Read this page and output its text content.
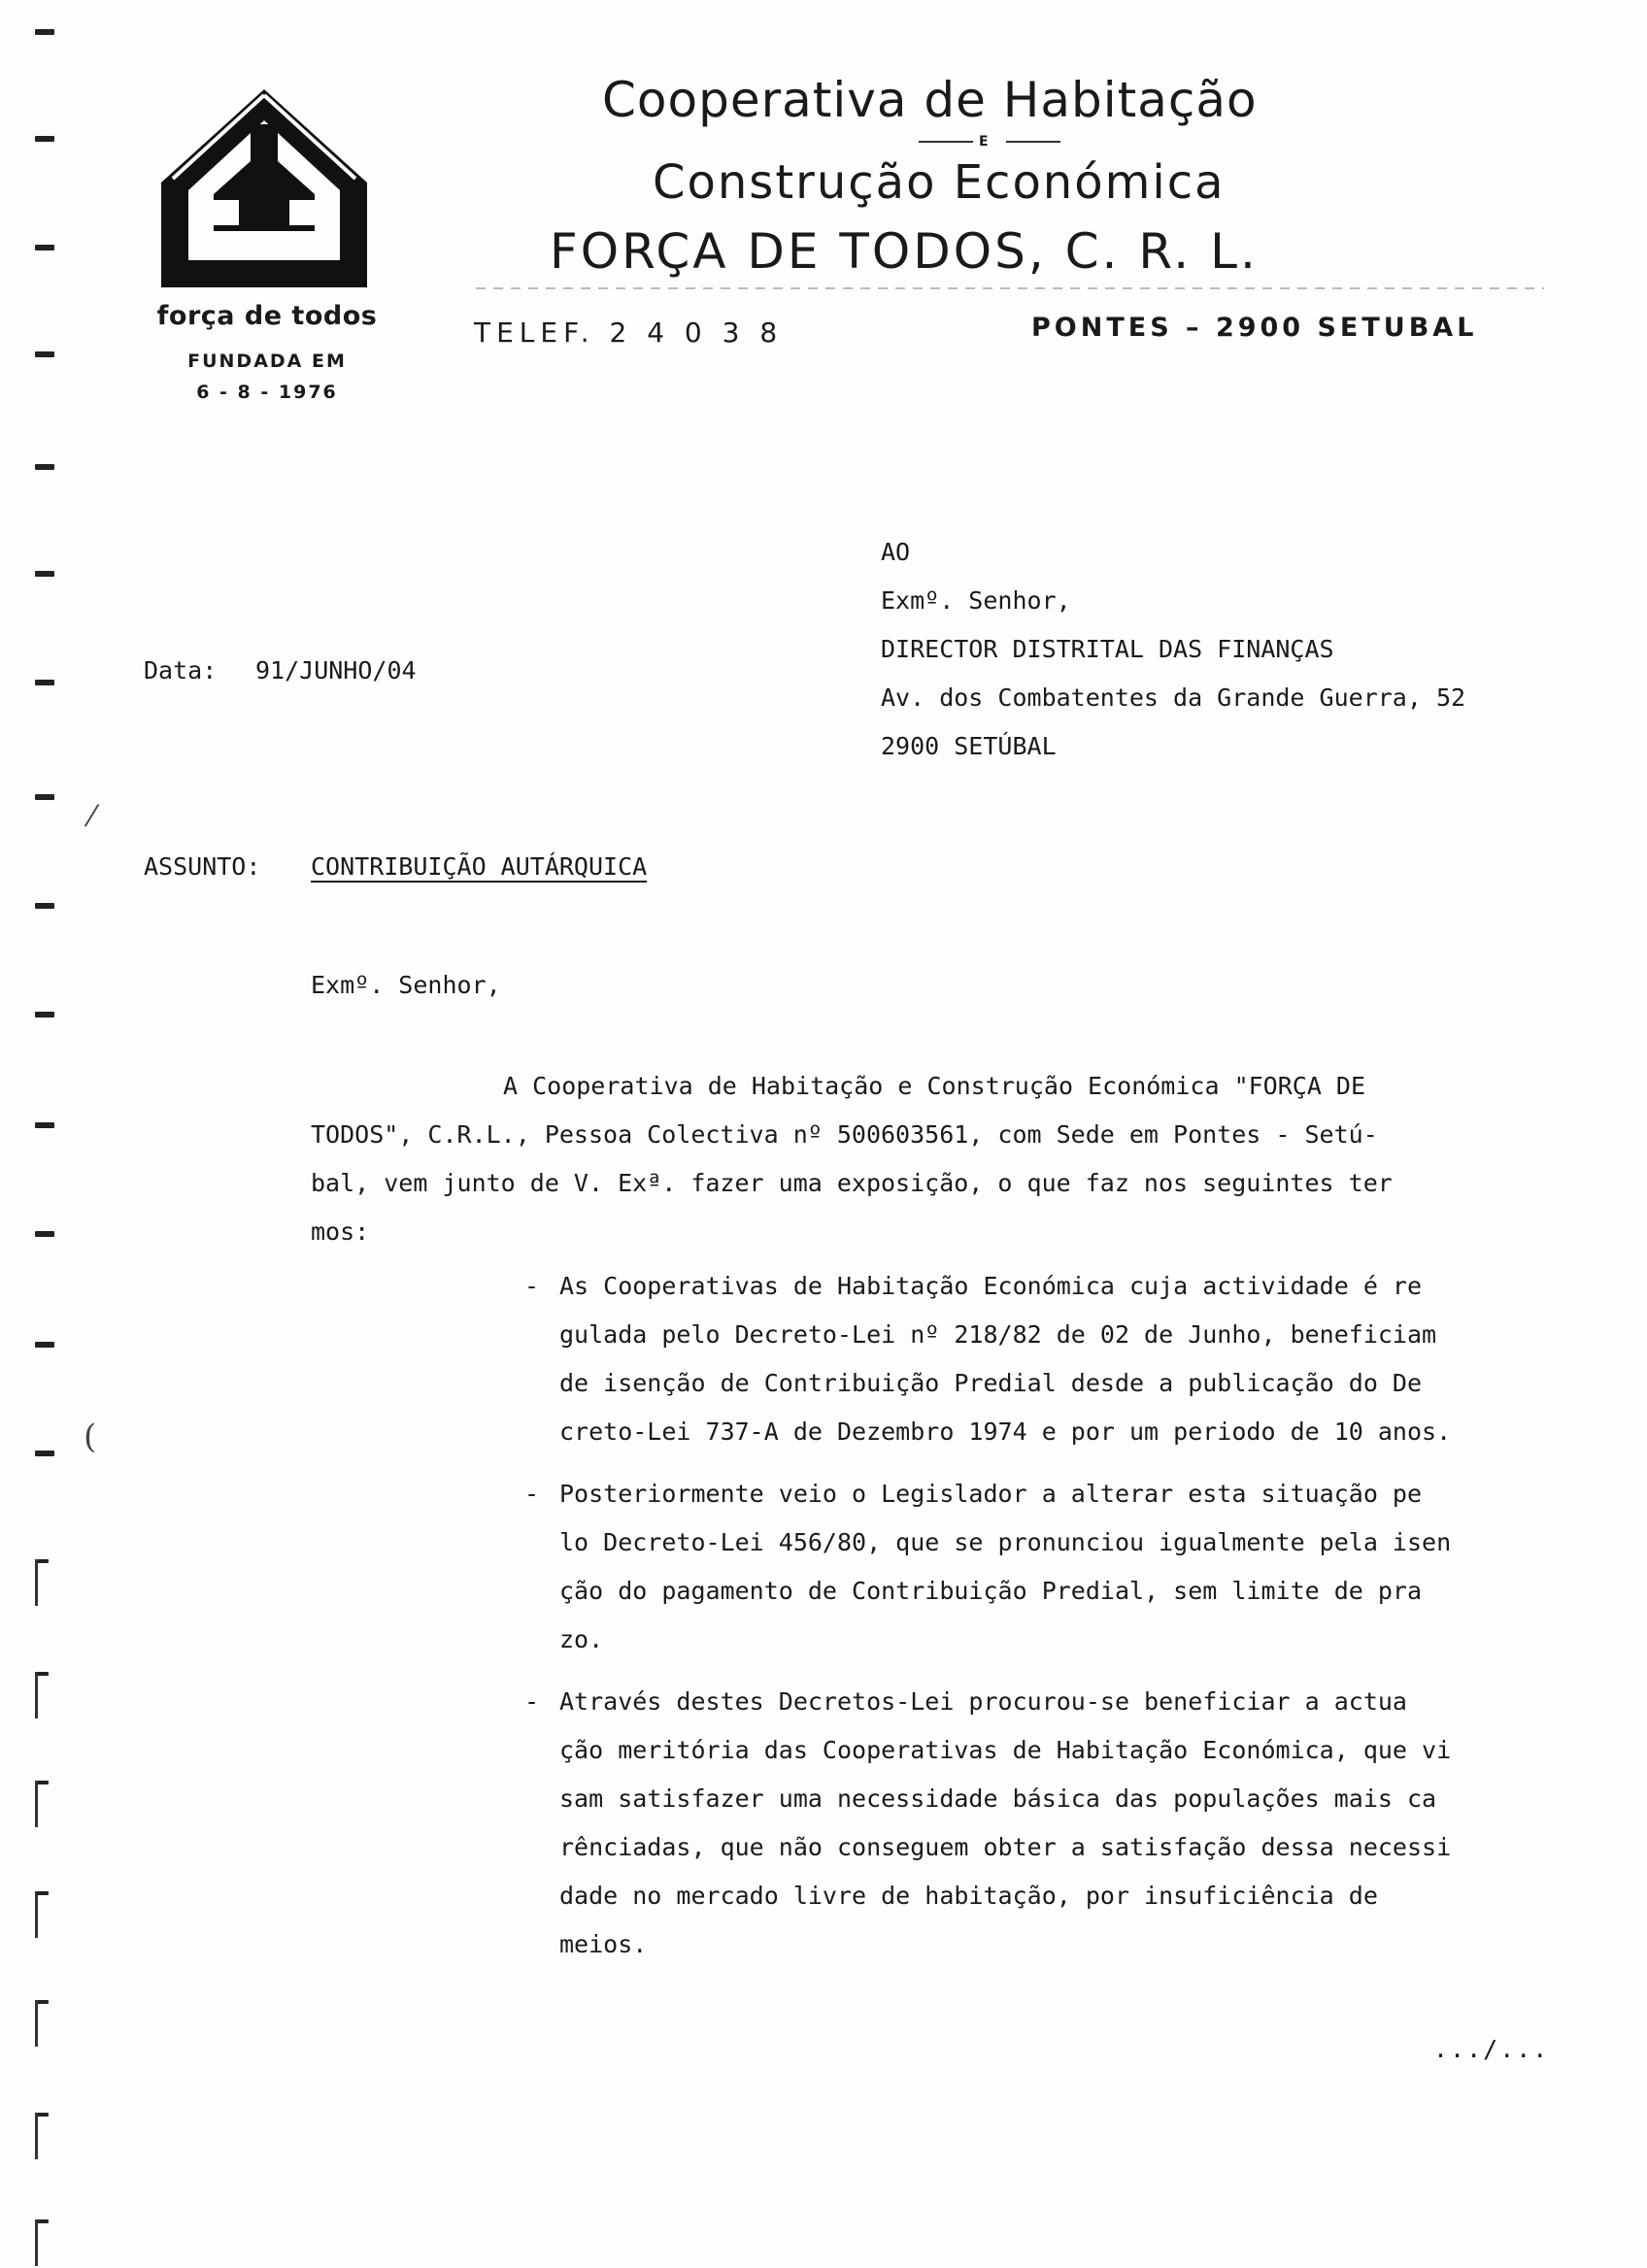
força de todos
FUNDADA EM
6 - 8 - 1976
Cooperativa de Habitação
E
Construção Económica
FORÇA DE TODOS, C. R. L.
TELEF. 2 4 0 3 8	PONTES – 2900 SETUBAL
AO
Exmº. Senhor,
DIRECTOR DISTRITAL DAS FINANÇAS
Av. dos Combatentes da Grande Guerra, 52
2900 SETÚBAL
Data: 91/JUNHO/04
ASSUNTO: CONTRIBUIÇÃO AUTÁRQUICA
Exmº. Senhor,
A Cooperativa de Habitação e Construção Económica "FORÇA DE
TODOS", C.R.L., Pessoa Colectiva nº 500603561, com Sede em Pontes - Setú-
bal, vem junto de V. Exª. fazer uma exposição, o que faz nos seguintes ter
mos:
- As Cooperativas de Habitação Económica cuja actividade é re
gulada pelo Decreto-Lei nº 218/82 de 02 de Junho, beneficiam
de isenção de Contribuição Predial desde a publicação do De
creto-Lei 737-A de Dezembro 1974 e por um periodo de 10 anos.
- Posteriormente veio o Legislador a alterar esta situação pe
lo Decreto-Lei 456/80, que se pronunciou igualmente pela isen
ção do pagamento de Contribuição Predial, sem limite de pra
zo.
- Através destes Decretos-Lei procurou-se beneficiar a actua
ção meritória das Cooperativas de Habitação Económica, que vi
sam satisfazer uma necessidade básica das populações mais ca
rênciadas, que não conseguem obter a satisfação dessa necessi
dade no mercado livre de habitação, por insuficiência de
meios.
.../...
⁄
(
